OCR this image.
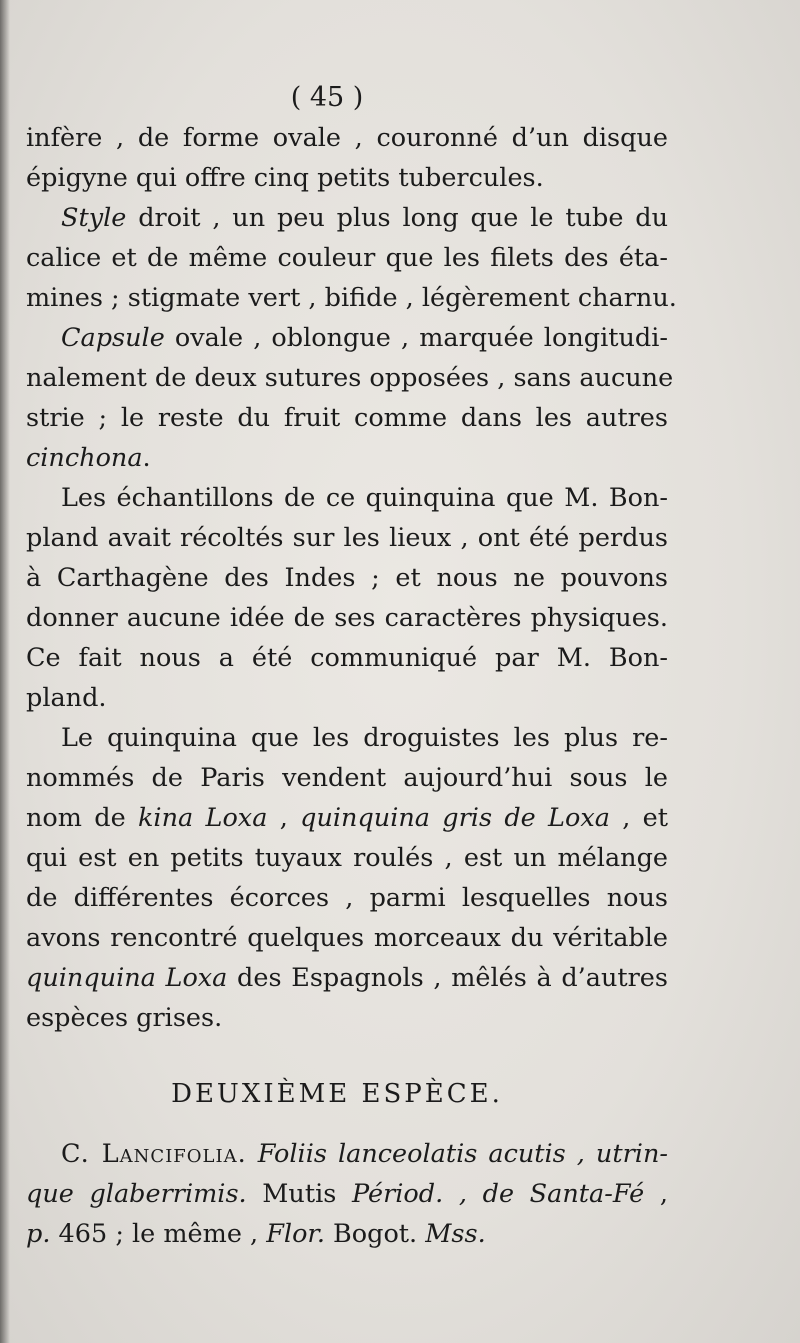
( 45 )

infère , de forme ovale , couronné d’un disque
épigyne qui offre cinq petits tubercules.

Style droit , un peu plus long que le tube du
calice et de même couleur que les filets des éta-
mines ; stigmate vert , bifide , légèrement charnu.

Capsule ovale , oblongue , marquée longitudi-
nalement de deux sutures opposées , sans aucune
strie ; le reste du fruit comme dans les autres
cinchona.

Les échantillons de ce quinquina que M. Bon-
pland avait récoltés sur les lieux , ont été perdus
à Carthagène des Indes ; et nous ne pouvons
donner aucune idée de ses caractères physiques.
Ce fait nous a été communiqué par M. Bon-
pland.

Le quinquina que les droguistes les plus re-
nommés de Paris vendent aujourd’hui sous le
nom de kina Loxa , quinquina gris de Loxa , et
qui est en petits tuyaux roulés , est un mélange
de différentes écorces , parmi lesquelles nous
avons rencontré quelques morceaux du véritable
quinquina Loxa des Espagnols , mêlés à d’autres
espèces grises.

DEUXIÈME ESPÈCE.

C. Lancifolia. Foliis lanceolatis acutis , utrin-
que glaberrimis. Mutis Périod. , de Santa-Fé ,
p. 465 ; le même , Flor. Bogot. Mss.
